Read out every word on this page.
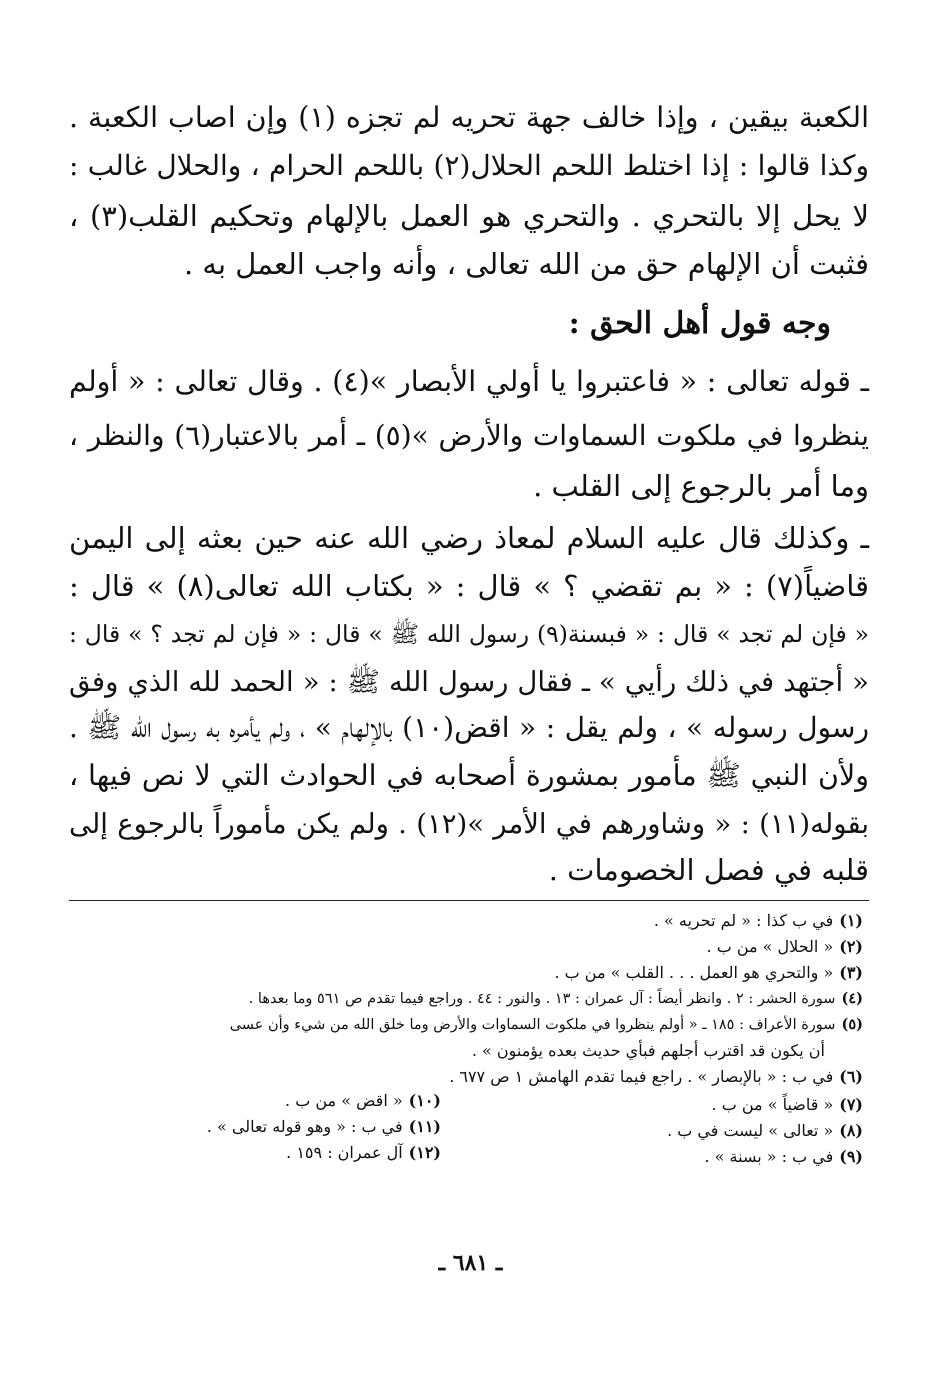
الكعبة بيقين ، وإذا خالف جهة تحريه لم تجزه (١) وإن اصاب الكعبة .
وكذا قالوا : إذا اختلط اللحم الحلال(٢) باللحم الحرام ، والحلال غالب :
لا يحل إلا بالتحري . والتحري هو العمل بالإلهام وتحكيم القلب(٣) ،
فثبت أن الإلهام حق من الله تعالى ، وأنه واجب العمل به .
وجه قول أهل الحق :
ـ قوله تعالى : « فاعتبروا يا أولي الأبصار »(٤) . وقال تعالى : « أولم
ينظروا في ملكوت السماوات والأرض »(٥) ـ أمر بالاعتبار(٦) والنظر ،
وما أمر بالرجوع إلى القلب .
ـ وكذلك قال عليه السلام لمعاذ رضي الله عنه حين بعثه إلى اليمن
قاضياً(٧) : « بم تقضي ؟ » قال : « بكتاب الله تعالى(٨) » قال :
« فإن لم تجد » قال : « فبسنة(٩) رسول الله ﷺ » قال : « فإن لم تجد ؟ » قال :
« أجتهد في ذلك رأيي » ـ فقال رسول الله ﷺ : « الحمد لله الذي وفق
رسول رسوله » ، ولم يقل : « اقض(١٠) بالإلهام » ، ولم يأمره به رسول الله ﷺ .
ولأن النبي ﷺ مأمور بمشورة أصحابه في الحوادث التي لا نص فيها ،
بقوله(١١) : « وشاورهم في الأمر »(١٢) . ولم يكن مأموراً بالرجوع إلى
قلبه في فصل الخصومات .
(١)في ب كذا : « لم تحريه » .
(٢)« الحلال » من ب .
(٣)« والتحري هو العمل . . . القلب » من ب .
(٤)سورة الحشر : ٢ . وانظر أيضاً : آل عمران : ١٣ . والنور : ٤٤ . وراجع فيما تقدم ص ٥٦١ وما بعدها .
(٥)سورة الأعراف : ١٨٥ ـ « أولم ينظروا في ملكوت السماوات والأرض وما خلق الله من شيء وأن عسى
أن يكون قد اقترب أجلهم فبأي حديث بعده يؤمنون » .
(٦)في ب : « بالإبصار » . راجع فيما تقدم الهامش ١ ص ٦٧٧ .
(٧)« قاضياً » من ب .
(٨)« تعالى » ليست في ب .
(٩)في ب : « بسنة » .
(١٠)« اقض » من ب .
(١١)في ب : « وهو قوله تعالى » .
(١٢)آل عمران : ١٥٩ .
ـ ٦٨١ ـ
